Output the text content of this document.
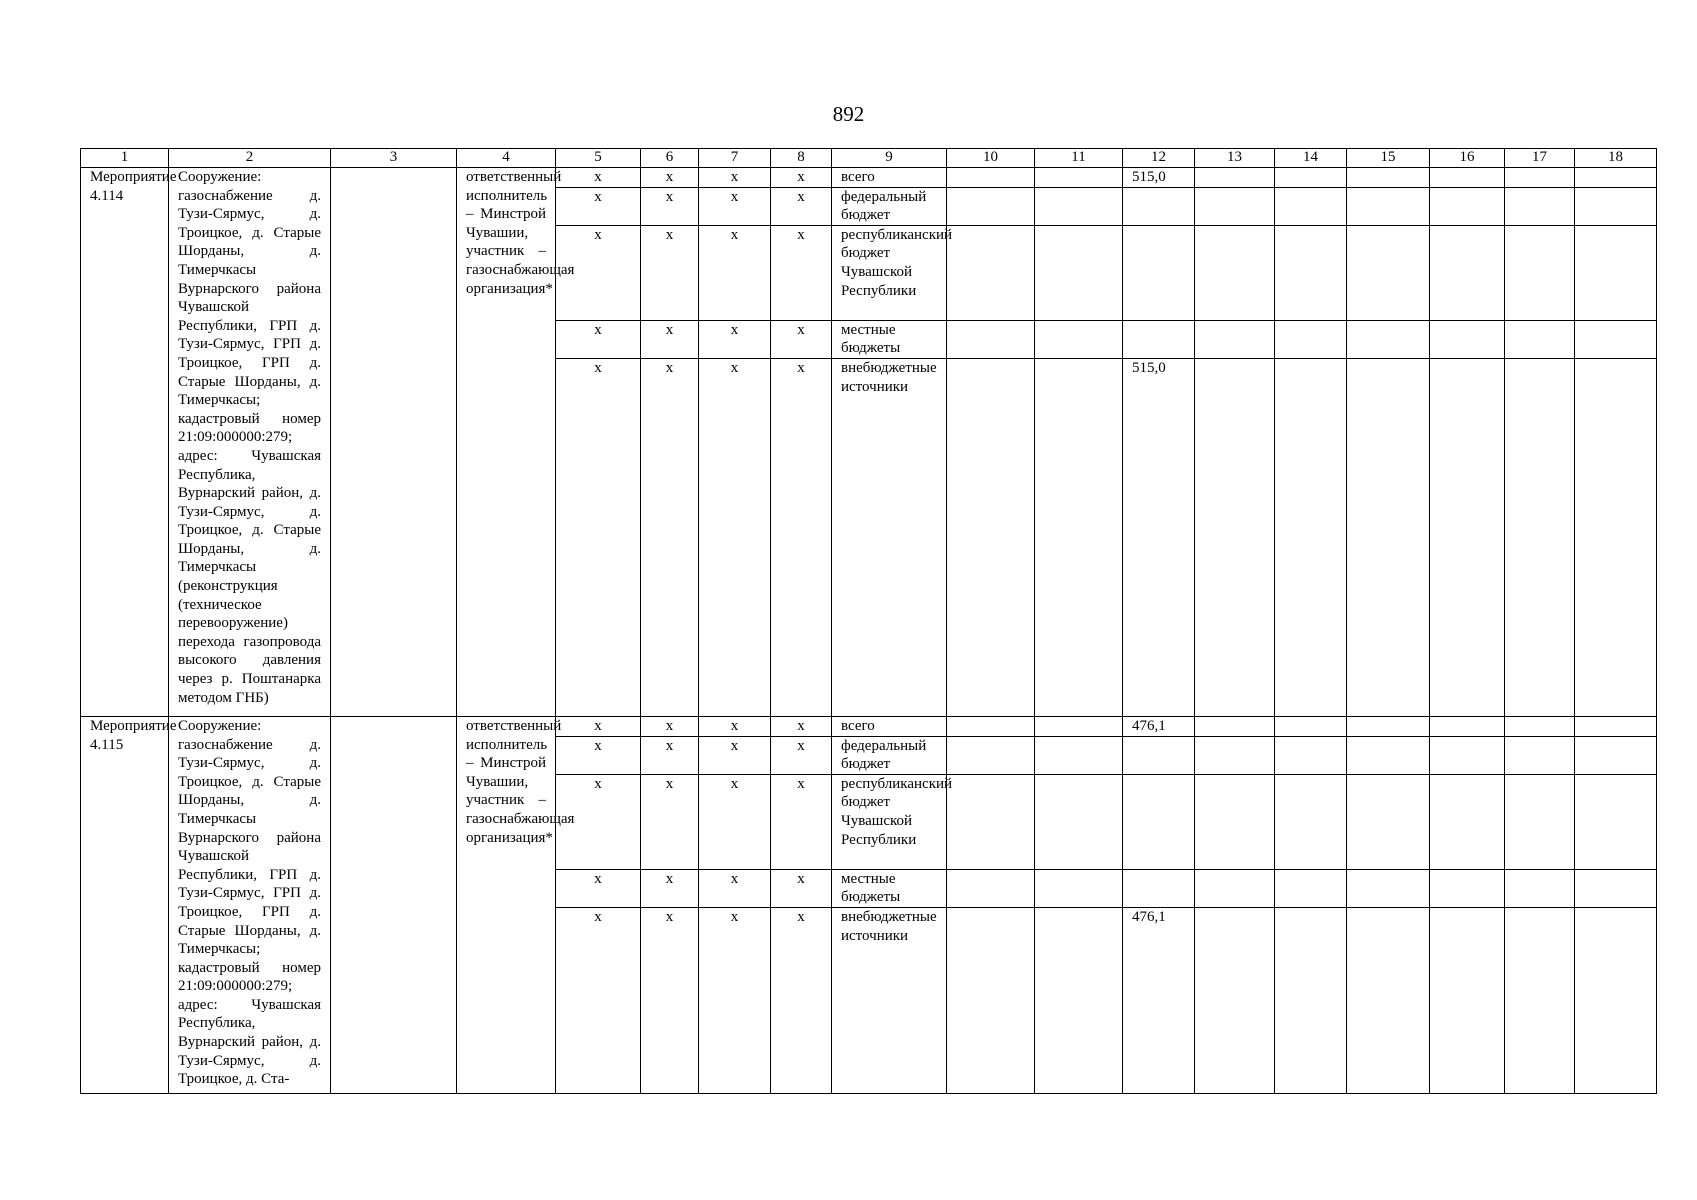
892
1	2	3	4	5	6	7	8	9	10	11	12	13	14	15	16	17	18
Мероприятие 4.114	Сооружение: газоснабжение д. Тузи-Сярмус, д. Троицкое, д. Старые Шорданы, д. Тимерчкасы Вурнарского района Чувашской Республики, ГРП д. Тузи-Сярмус, ГРП д. Троицкое, ГРП д. Старые Шорданы, д. Тимерчкасы; кадастровый номер 21:09:000000:279; адрес: Чувашская Республика, Вурнарский район, д. Тузи-Сярмус, д. Троицкое, д. Старые Шорданы, д. Тимерчкасы (реконструкция (техническое перевооружение) перехода газопровода высокого давления через р. Поштанарка методом ГНБ)		ответственный исполнитель – Минстрой Чувашии, участник – газоснабжающая организация*	x	x	x	x	всего			515,0						
				x	x	x	x	федеральный бюджет									
				x	x	x	x	республиканский бюджет Чувашской Республики									
				x	x	x	x	местные бюджеты									
				x	x	x	x	внебюджетные источники			515,0						
Мероприятие 4.115	Сооружение: газоснабжение д. Тузи-Сярмус, д. Троицкое, д. Старые Шорданы, д. Тимерчкасы Вурнарского района Чувашской Республики, ГРП д. Тузи-Сярмус, ГРП д. Троицкое, ГРП д. Старые Шорданы, д. Тимерчкасы; кадастровый номер 21:09:000000:279; адрес: Чувашская Республика, Вурнарский район, д. Тузи-Сярмус, д. Троицкое, д. Ста-		ответственный исполнитель – Минстрой Чувашии, участник – газоснабжающая организация*	x	x	x	x	всего			476,1						
				x	x	x	x	федеральный бюджет									
				x	x	x	x	республиканский бюджет Чувашской Республики									
				x	x	x	x	местные бюджеты									
				x	x	x	x	внебюджетные источники			476,1						
